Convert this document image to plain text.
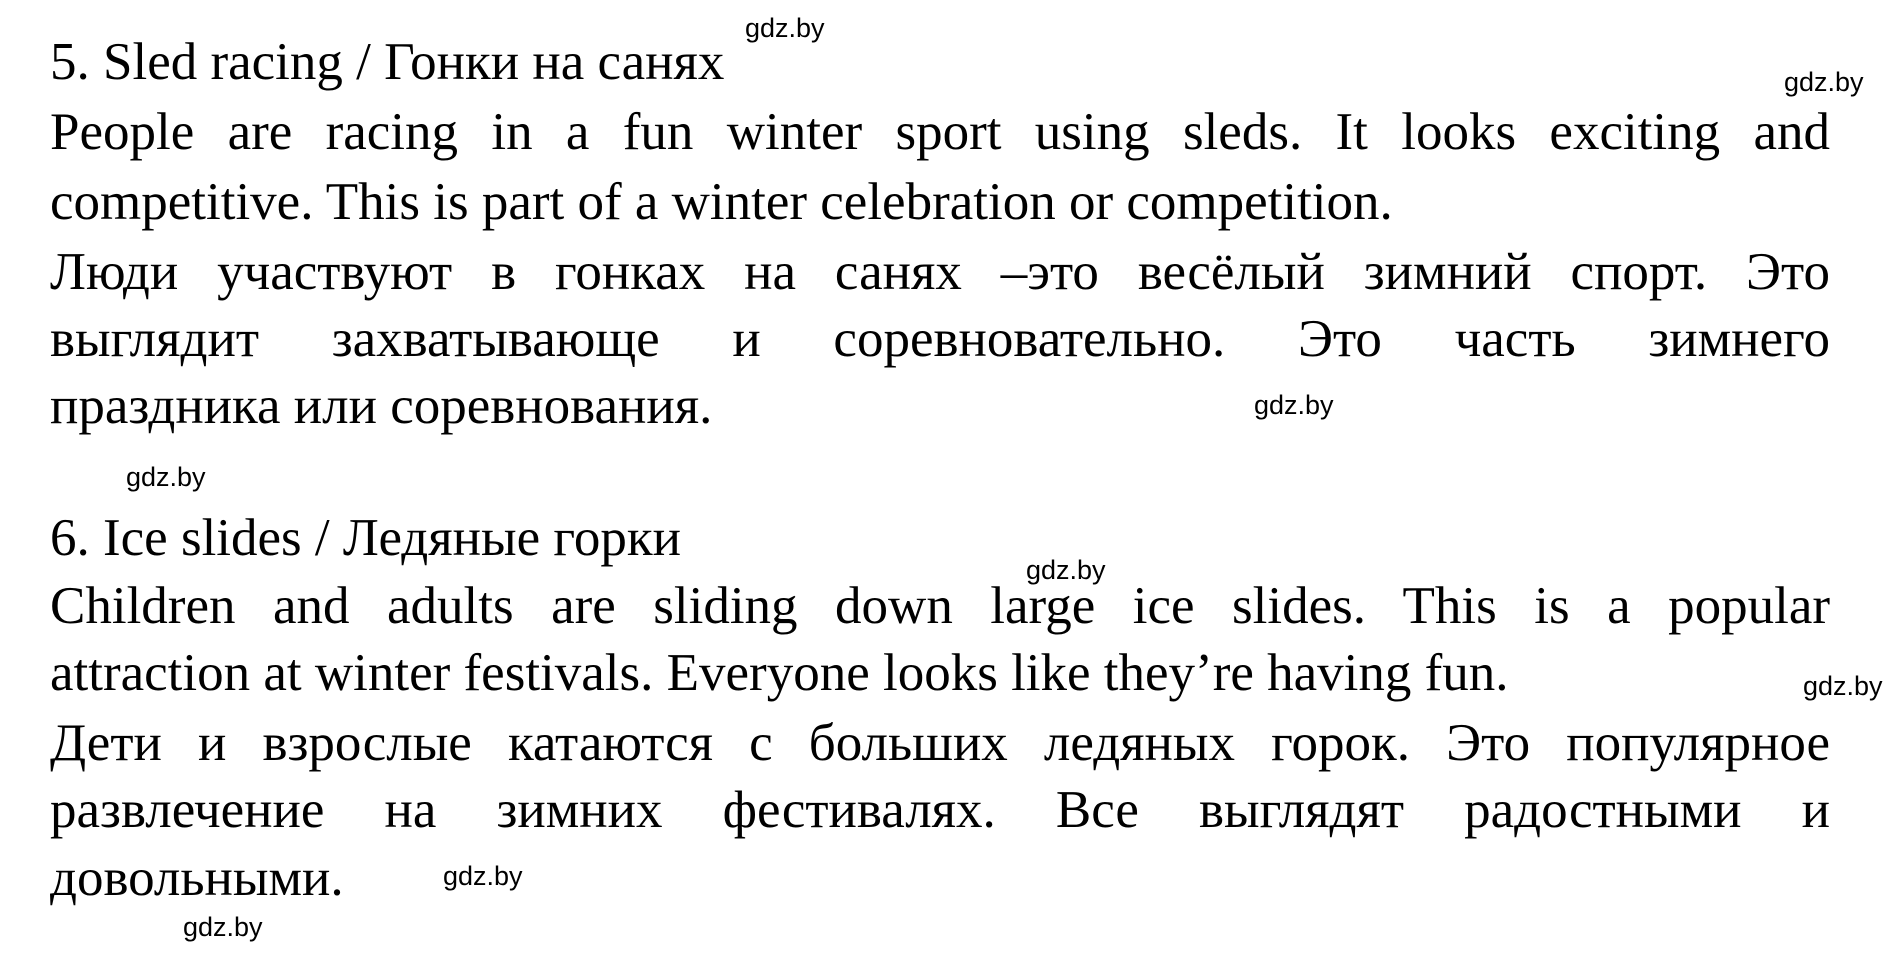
5. Sled racing / Гонки на санях

People are racing in a fun winter sport using sleds. It looks exciting and

competitive. This is part of a winter celebration or competition.

Люди участвуют в гонках на санях –это весёлый зимний спорт. Это

выглядит захватывающе и соревновательно. Это часть зимнего

праздника или соревнования.

6. Ice slides / Ледяные горки

Children and adults are sliding down large ice slides. This is a popular

attraction at winter festivals. Everyone looks like they’re having fun.

Дети и взрослые катаются с больших ледяных горок. Это популярное

развлечение на зимних фестивалях. Все выглядят радостными и

довольными.

gdz.by
gdz.by
gdz.by
gdz.by
gdz.by
gdz.by
gdz.by
gdz.by
